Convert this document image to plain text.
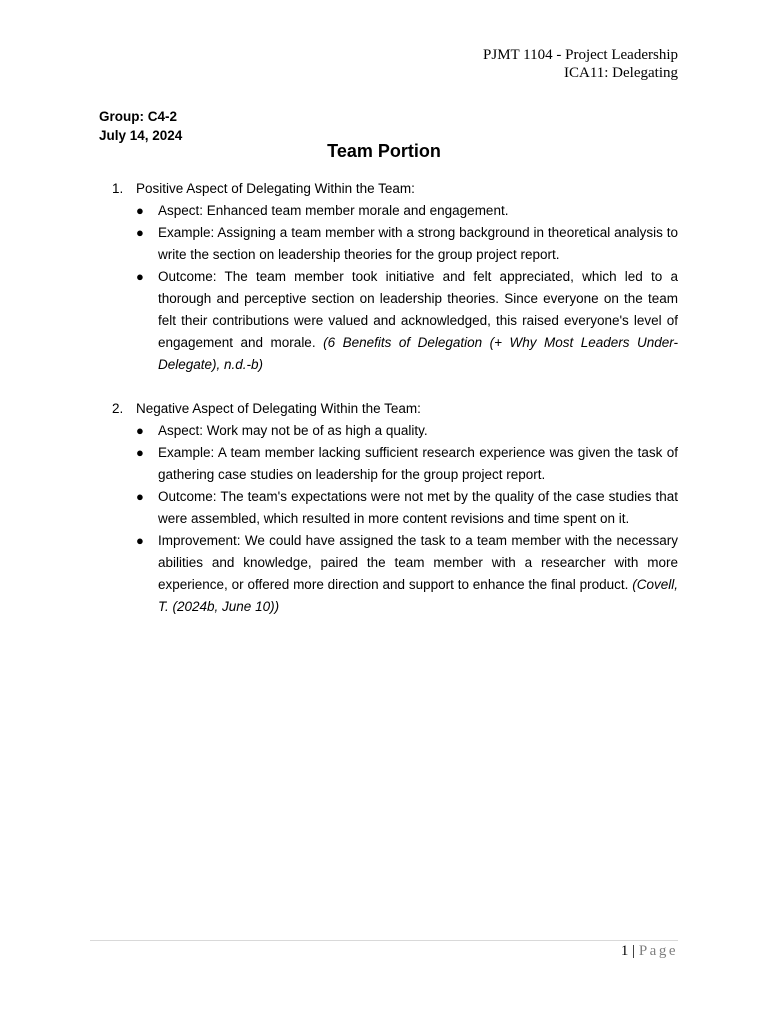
PJMT 1104 - Project Leadership
ICA11: Delegating
Group: C4-2
July 14, 2024
Team Portion
1. Positive Aspect of Delegating Within the Team:
●	Aspect: Enhanced team member morale and engagement.
●	Example: Assigning a team member with a strong background in theoretical analysis to write the section on leadership theories for the group project report.
●	Outcome: The team member took initiative and felt appreciated, which led to a thorough and perceptive section on leadership theories. Since everyone on the team felt their contributions were valued and acknowledged, this raised everyone's level of engagement and morale. (6 Benefits of Delegation (+ Why Most Leaders Under-Delegate), n.d.-b)
2. Negative Aspect of Delegating Within the Team:
●	Aspect: Work may not be of as high a quality.
●	Example: A team member lacking sufficient research experience was given the task of gathering case studies on leadership for the group project report.
●	Outcome: The team's expectations were not met by the quality of the case studies that were assembled, which resulted in more content revisions and time spent on it.
●	Improvement: We could have assigned the task to a team member with the necessary abilities and knowledge, paired the team member with a researcher with more experience, or offered more direction and support to enhance the final product. (Covell, T. (2024b, June 10))
1 | Page
